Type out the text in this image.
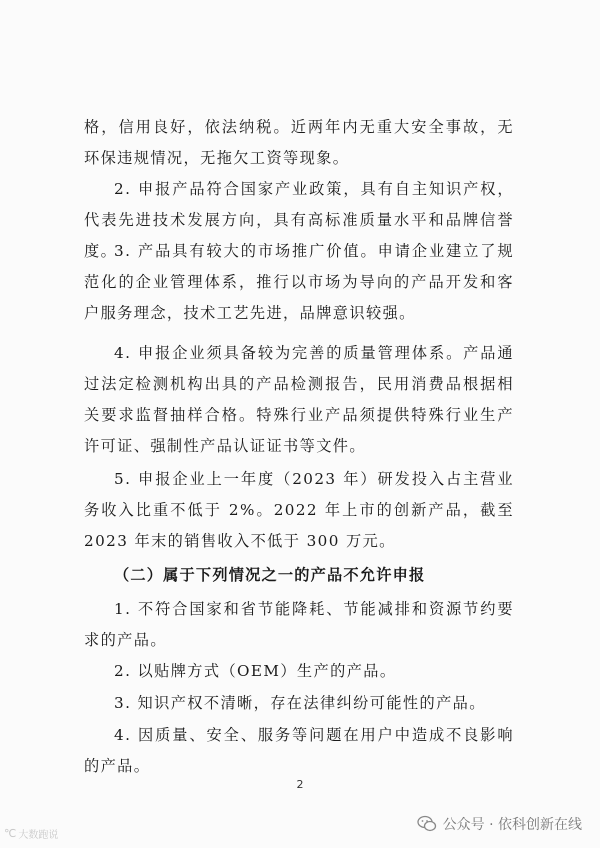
格，信用良好，依法纳税。近两年内无重大安全事故，无环保违规情况，无拖欠工资等现象。

2. 申报产品符合国家产业政策，具有自主知识产权，代表先进技术发展方向，具有高标准质量水平和品牌信誉度。

3. 产品具有较大的市场推广价值。申请企业建立了规范化的企业管理体系，推行以市场为导向的产品开发和客户服务理念，技术工艺先进，品牌意识较强。

4. 申报企业须具备较为完善的质量管理体系。产品通过法定检测机构出具的产品检测报告，民用消费品根据相关要求监督抽样合格。特殊行业产品须提供特殊行业生产许可证、强制性产品认证证书等文件。

5. 申报企业上一年度（2023 年）研发投入占主营业务收入比重不低于 2%。2022 年上市的创新产品，截至 2023 年末的销售收入不低于 300 万元。

（二）属于下列情况之一的产品不允许申报

1. 不符合国家和省节能降耗、节能减排和资源节约要求的产品。

2. 以贴牌方式（OEM）生产的产品。

3. 知识产权不清晰，存在法律纠纷可能性的产品。

4. 因质量、安全、服务等问题在用户中造成不良影响的产品。

2
℃ 大数跑说
公众号 · 依科创新在线
